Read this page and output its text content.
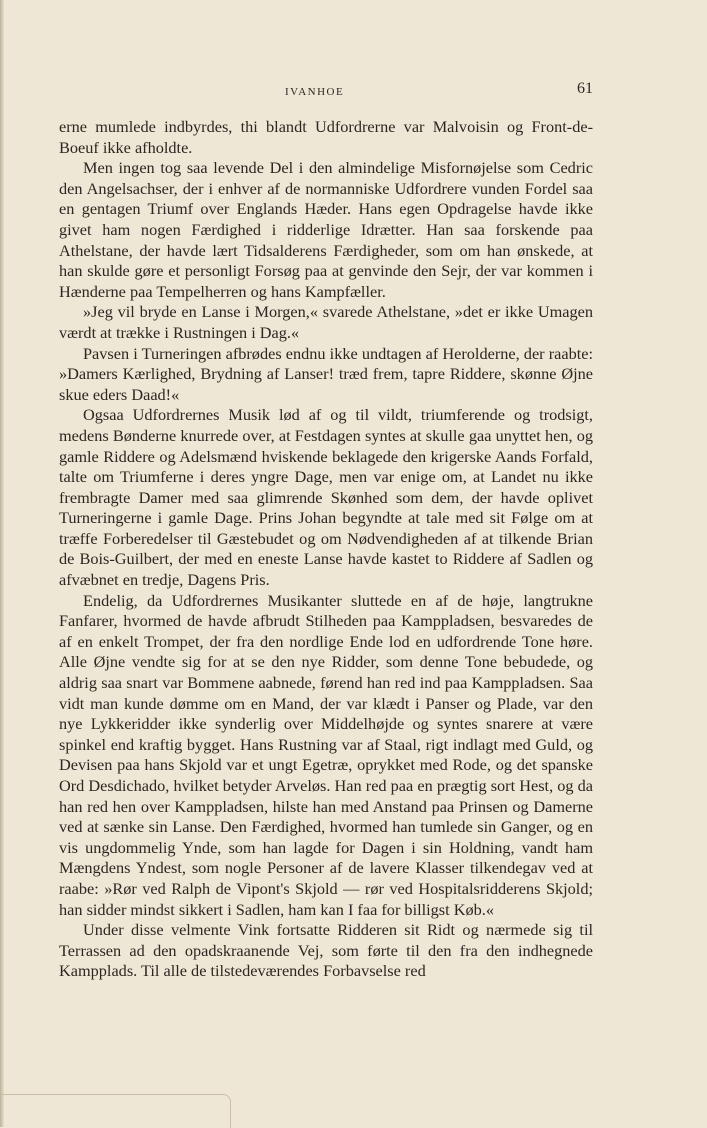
IVANHOE	61

erne mumlede indbyrdes, thi blandt Udfordrerne var Malvoisin og Front-de-Boeuf ikke afholdte.

Men ingen tog saa levende Del i den almindelige Misfornøjelse som Cedric den Angelsachser, der i enhver af de normanniske Udfordrere vunden Fordel saa en gentagen Triumf over Englands Hæder. Hans egen Opdragelse havde ikke givet ham nogen Færdighed i ridderlige Idrætter. Han saa forskende paa Athelstane, der havde lært Tidsalderens Færdigheder, som om han ønskede, at han skulde gøre et personligt Forsøg paa at genvinde den Sejr, der var kommen i Hænderne paa Tempelherren og hans Kampfæller.

»Jeg vil bryde en Lanse i Morgen,« svarede Athelstane, »det er ikke Umagen værdt at trække i Rustningen i Dag.«

Pavsen i Turneringen afbrødes endnu ikke undtagen af Herolderne, der raabte: »Damers Kærlighed, Brydning af Lanser! træd frem, tapre Riddere, skønne Øjne skue eders Daad!«

Ogsaa Udfordrernes Musik lød af og til vildt, triumferende og trodsigt, medens Bønderne knurrede over, at Festdagen syntes at skulle gaa unyttet hen, og gamle Riddere og Adelsmænd hviskende beklagede den krigerske Aands Forfald, talte om Triumferne i deres yngre Dage, men var enige om, at Landet nu ikke frembragte Damer med saa glimrende Skønhed som dem, der havde oplivet Turneringerne i gamle Dage. Prins Johan begyndte at tale med sit Følge om at træffe Forberedelser til Gæstebudet og om Nødvendigheden af at tilkende Brian de Bois-Guilbert, der med en eneste Lanse havde kastet to Riddere af Sadlen og afvæbnet en tredje, Dagens Pris.

Endelig, da Udfordrernes Musikanter sluttede en af de høje, langtrukne Fanfarer, hvormed de havde afbrudt Stilheden paa Kamppladsen, besvaredes de af en enkelt Trompet, der fra den nordlige Ende lod en udfordrende Tone høre. Alle Øjne vendte sig for at se den nye Ridder, som denne Tone bebudede, og aldrig saa snart var Bommene aabnede, førend han red ind paa Kamppladsen. Saa vidt man kunde dømme om en Mand, der var klædt i Panser og Plade, var den nye Lykkeridder ikke synderlig over Middelhøjde og syntes snarere at være spinkel end kraftig bygget. Hans Rustning var af Staal, rigt indlagt med Guld, og Devisen paa hans Skjold var et ungt Egetræ, oprykket med Rode, og det spanske Ord Desdichado, hvilket betyder Arveløs. Han red paa en prægtig sort Hest, og da han red hen over Kamppladsen, hilste han med Anstand paa Prinsen og Damerne ved at sænke sin Lanse. Den Færdighed, hvormed han tumlede sin Ganger, og en vis ungdommelig Ynde, som han lagde for Dagen i sin Holdning, vandt ham Mængdens Yndest, som nogle Personer af de lavere Klasser tilkendegav ved at raabe: »Rør ved Ralph de Vipont's Skjold — rør ved Hospitalsridderens Skjold; han sidder mindst sikkert i Sadlen, ham kan I faa for billigst Køb.«

Under disse velmente Vink fortsatte Ridderen sit Ridt og nærmede sig til Terrassen ad den opadskraanende Vej, som førte til den fra den indhegnede Kampplads. Til alle de tilstedeværendes Forbavselse red
